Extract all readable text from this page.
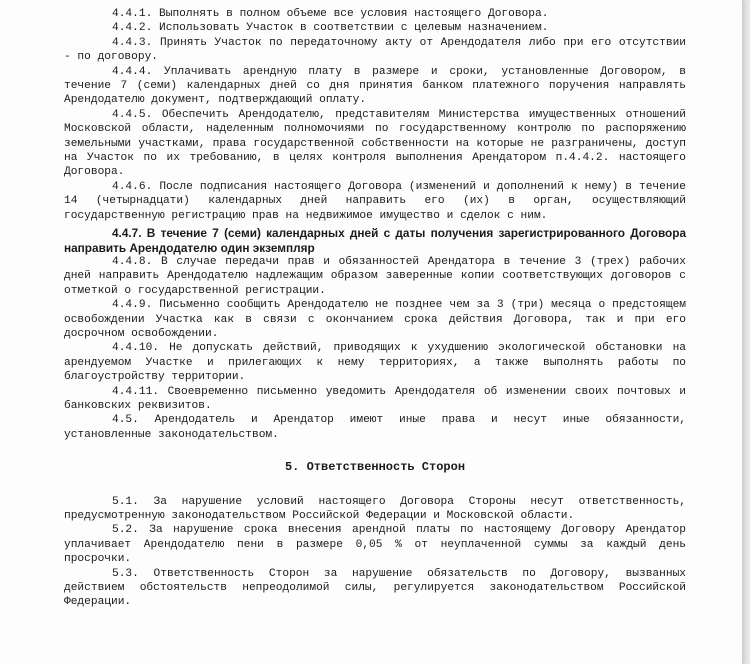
4.4.1. Выполнять в полном объеме все условия настоящего Договора.

4.4.2. Использовать Участок в соответствии с целевым назначением.

4.4.3. Принять Участок по передаточному акту от Арендодателя либо при его отсутствии - по договору.

4.4.4. Уплачивать арендную плату в размере и сроки, установленные Договором, в течение 7 (семи) календарных дней со дня принятия банком платежного поручения направлять Арендодателю документ, подтверждающий оплату.

4.4.5. Обеспечить Арендодателю, представителям Министерства имущественных отношений Московской области, наделенным полномочиями по государственному контролю по распоряжению земельными участками, права государственной собственности на которые не разграничены, доступ на Участок по их требованию, в целях контроля выполнения Арендатором п.4.4.2. настоящего Договора.

4.4.6. После подписания настоящего Договора (изменений и дополнений к нему) в течение 14 (четырнадцати) календарных дней направить его (их) в орган, осуществляющий государственную регистрацию прав на недвижимое имущество и сделок с ним.

4.4.7. В течение 7 (семи) календарных дней с даты получения зарегистрированного Договора направить Арендодателю один экземпляр

4.4.8. В случае передачи прав и обязанностей Арендатора в течение 3 (трех) рабочих дней направить Арендодателю надлежащим образом заверенные копии соответствующих договоров с отметкой о государственной регистрации.

4.4.9. Письменно сообщить Арендодателю не позднее чем за 3 (три) месяца о предстоящем освобождении Участка как в связи с окончанием срока действия Договора, так и при его досрочном освобождении.

4.4.10. Не допускать действий, приводящих к ухудшению экологической обстановки на арендуемом Участке и прилегающих к нему территориях, а также выполнять работы по благоустройству территории.

4.4.11. Своевременно письменно уведомить Арендодателя об изменении своих почтовых и банковских реквизитов.

4.5. Арендодатель и Арендатор имеют иные права и несут иные обязанности, установленные законодательством.

5. Ответственность Сторон

5.1. За нарушение условий настоящего Договора Стороны несут ответственность, предусмотренную законодательством Российской Федерации и Московской области.

5.2. За нарушение срока внесения арендной платы по настоящему Договору Арендатор уплачивает Арендодателю пени в размере 0,05 % от неуплаченной суммы за каждый день просрочки.

5.3. Ответственность Сторон за нарушение обязательств по Договору, вызванных действием обстоятельств непреодолимой силы, регулируется законодательством Российской Федерации.
